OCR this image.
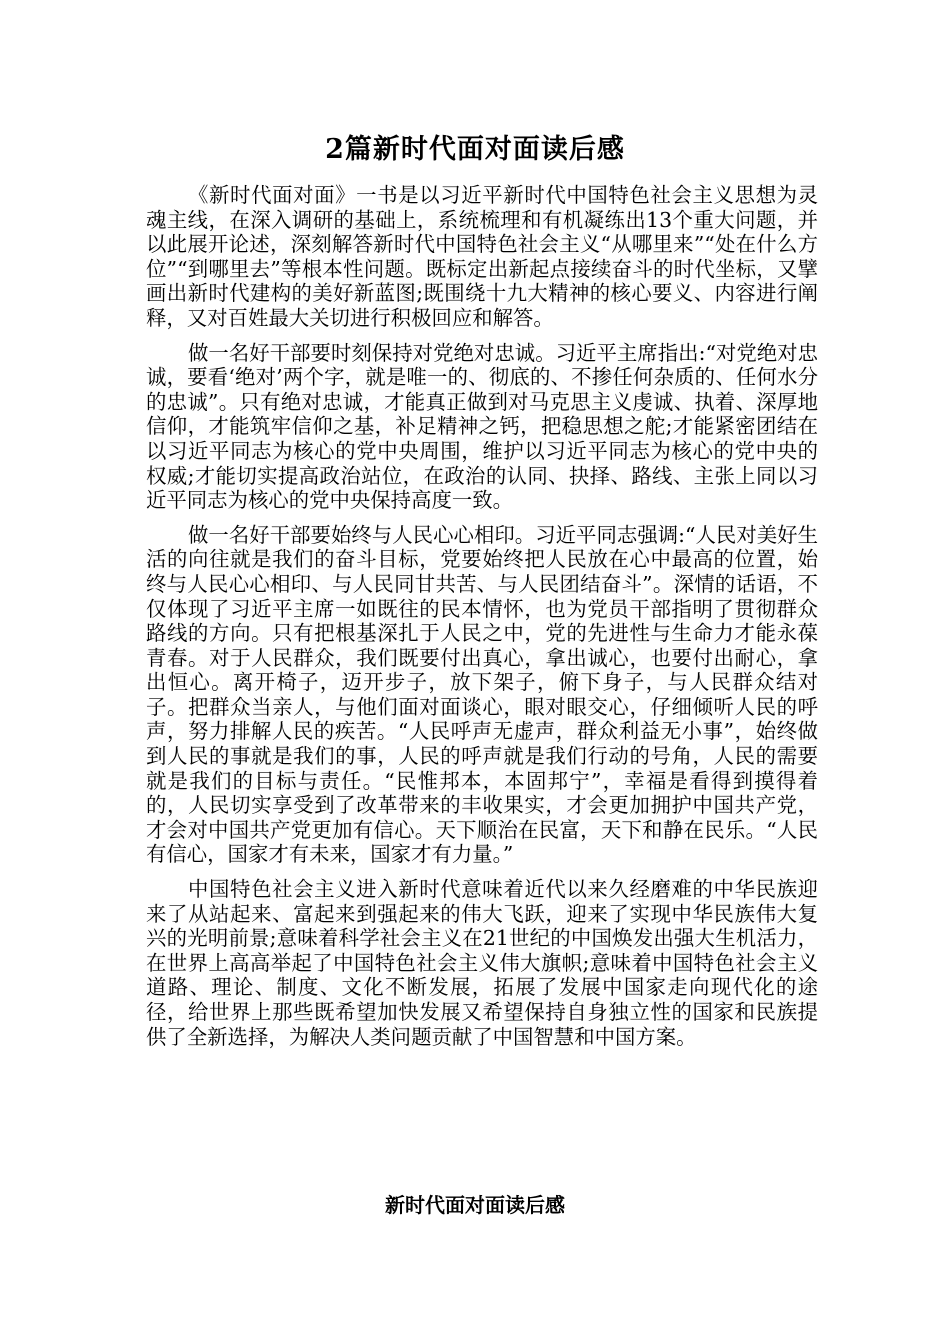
2篇新时代面对面读后感

《新时代面对面》一书是以习近平新时代中国特色社会主义思想为灵魂主线，在深入调研的基础上，系统梳理和有机凝练出13个重大问题，并以此展开论述，深刻解答新时代中国特色社会主义“从哪里来”“处在什么方位”“到哪里去”等根本性问题。既标定出新起点接续奋斗的时代坐标，又擘画出新时代建构的美好新蓝图;既围绕十九大精神的核心要义、内容进行阐释，又对百姓最大关切进行积极回应和解答。

做一名好干部要时刻保持对党绝对忠诚。习近平主席指出:“对党绝对忠诚，要看‘绝对’两个字，就是唯一的、彻底的、不掺任何杂质的、任何水分的忠诚”。只有绝对忠诚，才能真正做到对马克思主义虔诚、执着、深厚地信仰，才能筑牢信仰之基，补足精神之钙，把稳思想之舵;才能紧密团结在以习近平同志为核心的党中央周围，维护以习近平同志为核心的党中央的权威;才能切实提高政治站位，在政治的认同、抉择、路线、主张上同以习近平同志为核心的党中央保持高度一致。

做一名好干部要始终与人民心心相印。习近平同志强调:“人民对美好生活的向往就是我们的奋斗目标，党要始终把人民放在心中最高的位置，始终与人民心心相印、与人民同甘共苦、与人民团结奋斗”。深情的话语，不仅体现了习近平主席一如既往的民本情怀，也为党员干部指明了贯彻群众路线的方向。只有把根基深扎于人民之中，党的先进性与生命力才能永葆青春。对于人民群众，我们既要付出真心，拿出诚心，也要付出耐心，拿出恒心。离开椅子，迈开步子，放下架子，俯下身子，与人民群众结对子。把群众当亲人，与他们面对面谈心，眼对眼交心，仔细倾听人民的呼声，努力排解人民的疾苦。“人民呼声无虚声，群众利益无小事”，始终做到人民的事就是我们的事，人民的呼声就是我们行动的号角，人民的需要就是我们的目标与责任。“民惟邦本，本固邦宁”，幸福是看得到摸得着的，人民切实享受到了改革带来的丰收果实，才会更加拥护中国共产党，才会对中国共产党更加有信心。天下顺治在民富，天下和静在民乐。“人民有信心，国家才有未来，国家才有力量。”

中国特色社会主义进入新时代意味着近代以来久经磨难的中华民族迎来了从站起来、富起来到强起来的伟大飞跃，迎来了实现中华民族伟大复兴的光明前景;意味着科学社会主义在21世纪的中国焕发出强大生机活力，在世界上高高举起了中国特色社会主义伟大旗帜;意味着中国特色社会主义道路、理论、制度、文化不断发展，拓展了发展中国家走向现代化的途径，给世界上那些既希望加快发展又希望保持自身独立性的国家和民族提供了全新选择，为解决人类问题贡献了中国智慧和中国方案。

新时代面对面读后感
